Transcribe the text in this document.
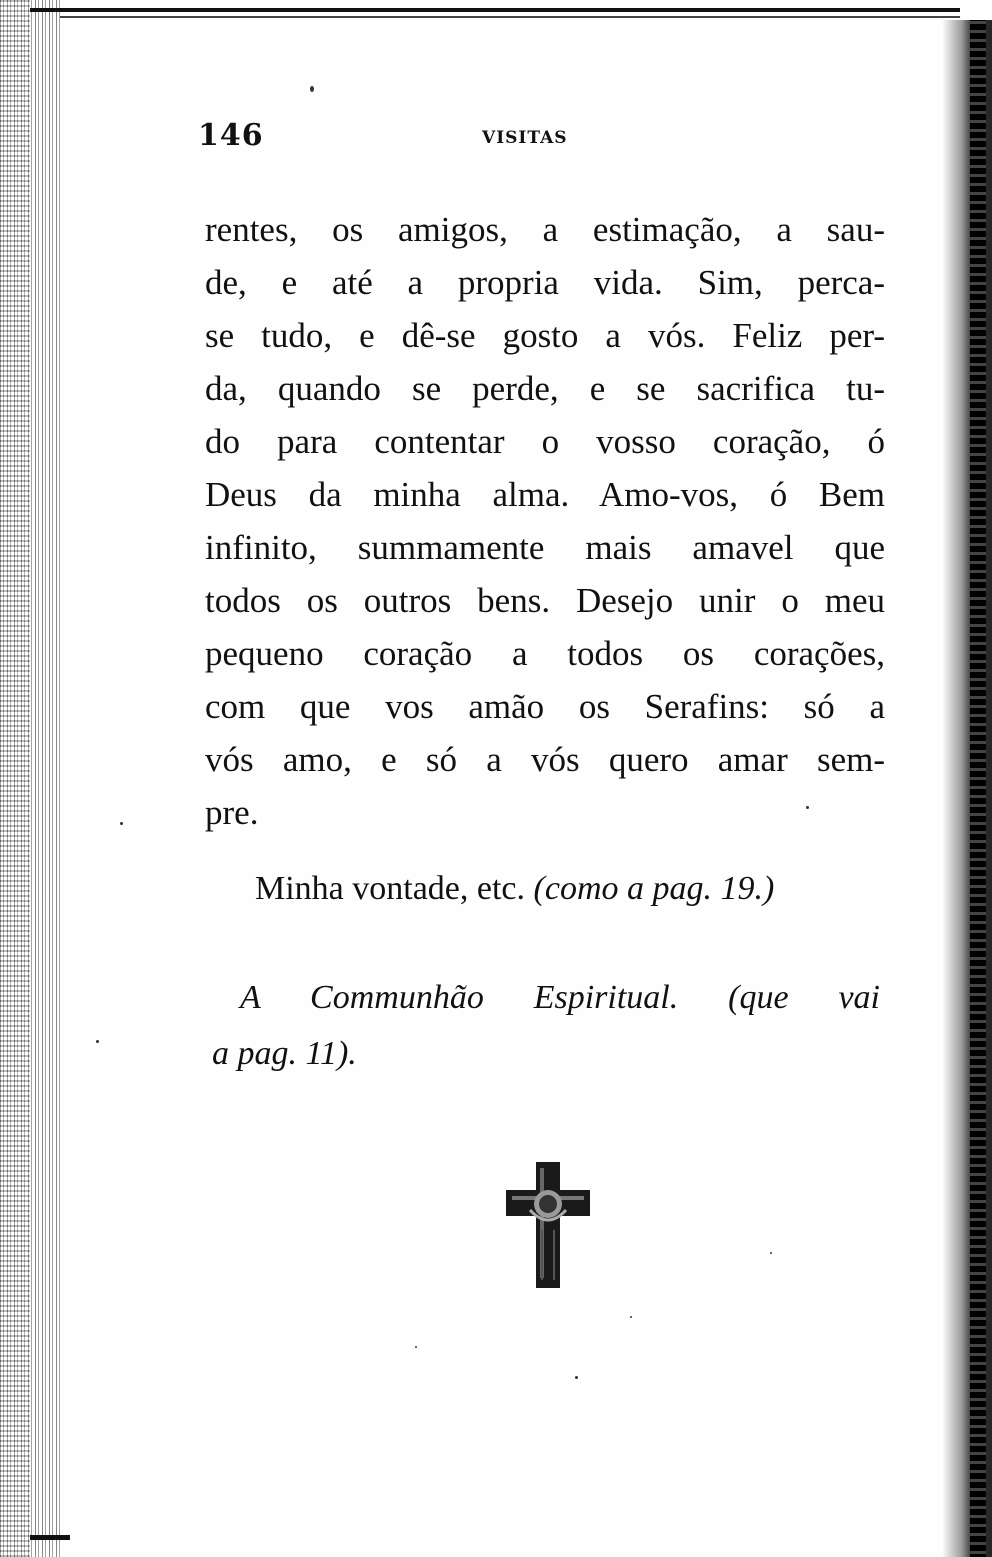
146	VISITAS
rentes, os amigos, a estimação, a sau-
de, e até a propria vida. Sim, perca-
se tudo, e dê-se gosto a vós. Feliz per-
da, quando se perde, e se sacrifica tu-
do para contentar o vosso coração, ó
Deus da minha alma. Amo-vos, ó Bem
infinito, summamente mais amavel que
todos os outros bens. Desejo unir o meu
pequeno coração a todos os corações,
com que vos amão os Serafins: só a
vós amo, e só a vós quero amar sem-
pre.
Minha vontade, etc. (como a pag. 19.)
A Communhão Espiritual. (que vai
a pag. 11).
